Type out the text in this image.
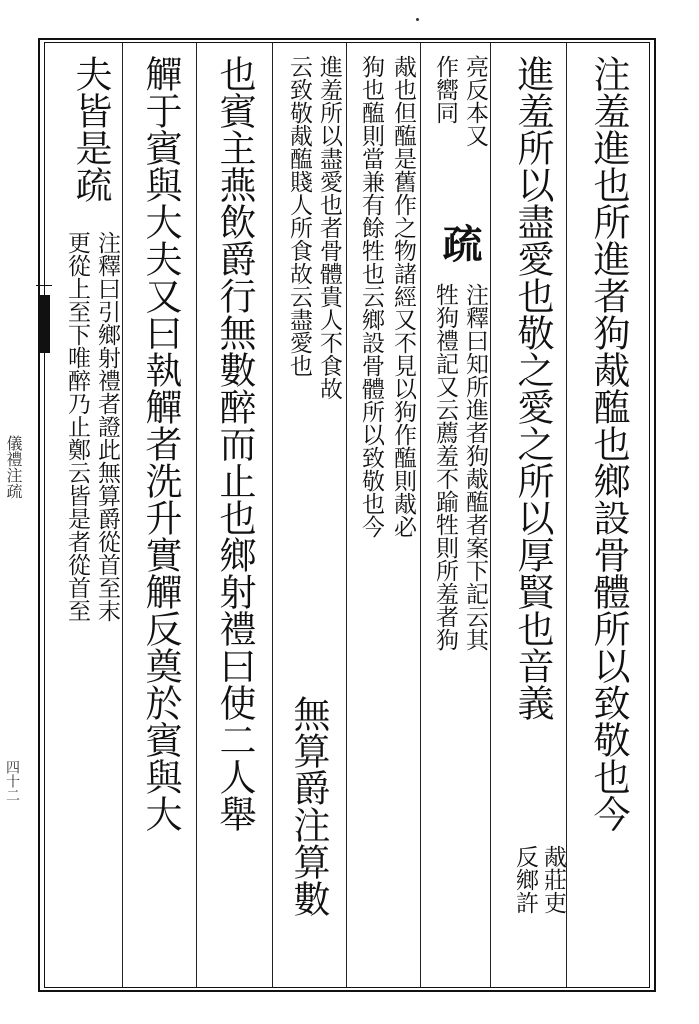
儀禮注疏
四十二	注羞進也所進者狗胾醢也鄉設骨體所以致敬也今
進羞所以盡愛也敬之愛之所以厚賢也音義
胾莊吏
反鄉許
亮反本又
作嚮同
疏
注釋曰知所進者狗胾醢者案下記云其
牲狗禮記又云薦羞不踰牲則所羞者狗
胾也但醢是舊作之物諸經又不見以狗作醢則胾必
狗也醢則當兼有餘牲也云鄉設骨體所以致敬也今
進羞所以盡愛也者骨體貴人不食故
云致敬胾醢賤人所食故云盡愛也
無算爵注算數
也賓主燕飲爵行無數醉而止也鄉射禮曰使二人舉
觶于賓與大夫又曰執觶者洗升實觶反奠於賓與大
夫皆是疏
注釋曰引鄉射禮者證此無算爵從首至末
更從上至下唯醉乃止鄭云皆是者從首至
